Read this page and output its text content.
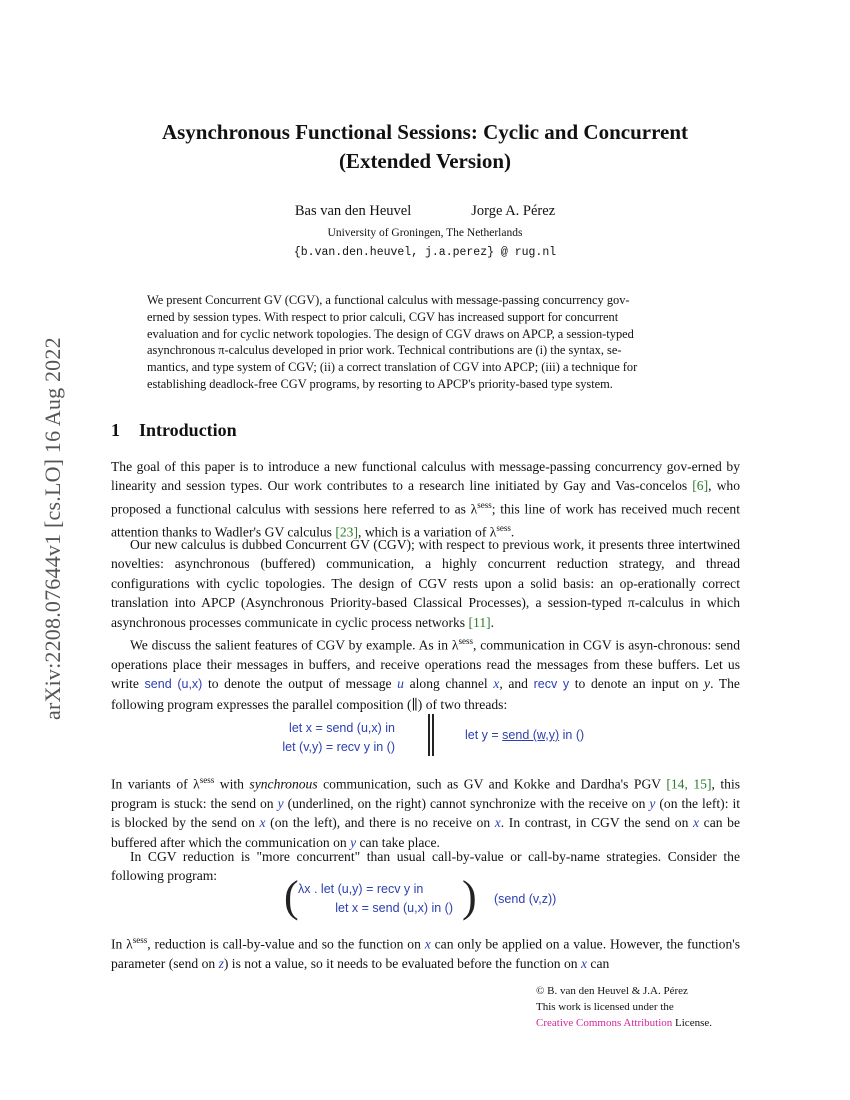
arXiv:2208.07644v1 [cs.LO] 16 Aug 2022
Asynchronous Functional Sessions: Cyclic and Concurrent
(Extended Version)
Bas van den Heuvel	Jorge A. Pérez
University of Groningen, The Netherlands
{b.van.den.heuvel, j.a.perez} @ rug.nl
We present Concurrent GV (CGV), a functional calculus with message-passing concurrency gov-
erned by session types. With respect to prior calculi, CGV has increased support for concurrent
evaluation and for cyclic network topologies. The design of CGV draws on APCP, a session-typed
asynchronous π-calculus developed in prior work. Technical contributions are (i) the syntax, se-
mantics, and type system of CGV; (ii) a correct translation of CGV into APCP; (iii) a technique for
establishing deadlock-free CGV programs, by resorting to APCP's priority-based type system.
1 Introduction
The goal of this paper is to introduce a new functional calculus with message-passing concurrency gov-erned by linearity and session types. Our work contributes to a research line initiated by Gay and Vas-concelos [6], who proposed a functional calculus with sessions here referred to as $\lambda^{sess}$; this line of work has received much recent attention thanks to Wadler's GV calculus [23], which is a variation of $\lambda^{sess}$.
Our new calculus is dubbed Concurrent GV (CGV); with respect to previous work, it presents three intertwined novelties: asynchronous (buffered) communication, a highly concurrent reduction strategy, and thread configurations with cyclic topologies. The design of CGV rests upon a solid basis: an op-erationally correct translation into APCP (Asynchronous Priority-based Classical Processes), a session-typed π-calculus in which asynchronous processes communicate in cyclic process networks [11].
We discuss the salient features of CGV by example. As in $\lambda^{sess}$, communication in CGV is asyn-chronous: send operations place their messages in buffers, and receive operations read the messages from these buffers. Let us write send (u,x) to denote the output of message u along channel x, and recv y to denote an input on y. The following program expresses the parallel composition (∥) of two threads:
let x = send (u,x) in
let (v,y) = recv y in ()
let y = send (w,y) in ()
In variants of $\lambda^{sess}$ with synchronous communication, such as GV and Kokke and Dardha's PGV [14, 15], this program is stuck: the send on y (underlined, on the right) cannot synchronize with the receive on y (on the left): it is blocked by the send on x (on the left), and there is no receive on x. In contrast, in CGV the send on x can be buffered after which the communication on y can take place.
In CGV reduction is "more concurrent" than usual call-by-value or call-by-name strategies. Consider the following program:	( λx . let (u,y) = recv y in
let x = send (u,x) in () ) (send (v,z))
In $\lambda^{sess}$, reduction is call-by-value and so the function on x can only be applied on a value. However, the function's parameter (send on z) is not a value, so it needs to be evaluated before the function on x can
© B. van den Heuvel & J.A. Pérez
This work is licensed under the
Creative Commons Attribution License.
